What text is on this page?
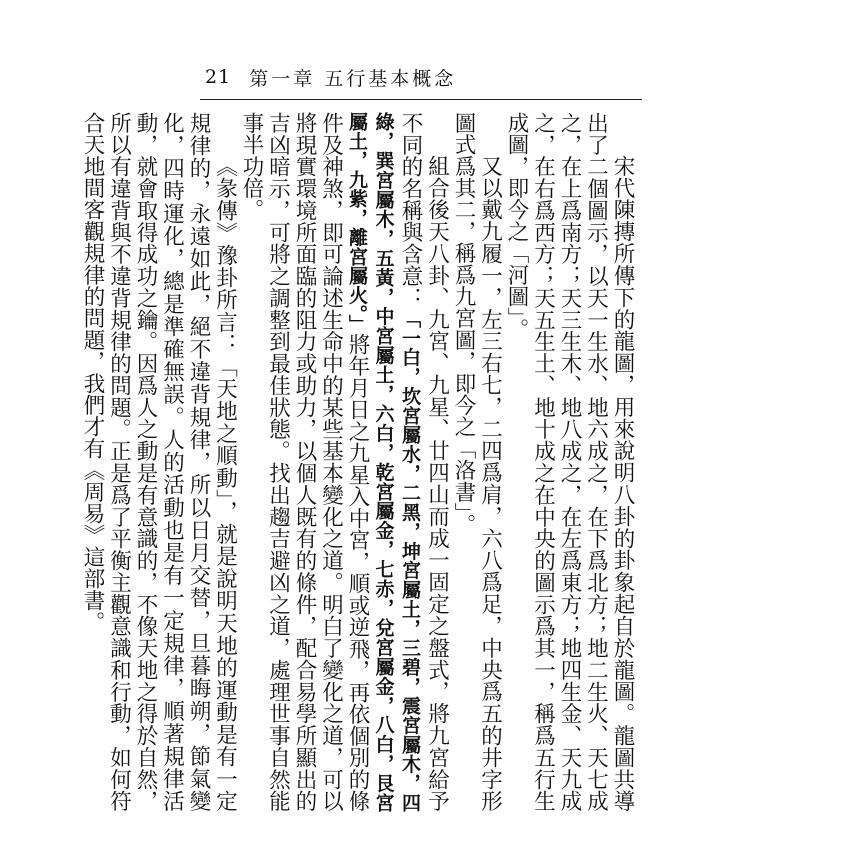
21 第一章 五行基本概念

宋代陳摶所傳下的龍圖，用來說明八卦的卦象起自於龍圖。龍圖共導出了二個圖示，以天一生水、地六成之，在下爲北方；地二生火、天七成之，在上爲南方；天三生木、地八成之，在左爲東方；地四生金、天九成之，在右爲西方；天五生土、地十成之在中央的圖示爲其一，稱爲五行生成圖，即今之「河圖」。

又以戴九履一，左三右七，二四爲肩，六八爲足，中央爲五的井字形圖式爲其二，稱爲九宮圖，即今之「洛書」。

組合後天八卦、九宮、九星、廿四山而成一固定之盤式，將九宮給予不同的名稱與含意：「一白，坎宮屬水，二黑，坤宮屬土，三碧，震宮屬木，四綠，巽宮屬木，五黃，中宮屬土，六白，乾宮屬金，七赤，兌宮屬金，八白，艮宮屬土，九紫，離宮屬火。」將年月日之九星入中宮，順或逆飛，再依個別的條件及神煞，即可論述生命中的某些基本變化之道。明白了變化之道，可以將現實環境所面臨的阻力或助力，以個人既有的條件，配合易學所顯出的吉凶暗示，可將之調整到最佳狀態。找出趨吉避凶之道，處理世事自然能事半功倍。

《彖傳》豫卦所言：「天地之順動」，就是說明天地的運動是有一定規律的，永遠如此，絕不違背規律，所以日月交替，旦暮晦朔，節氣變化，四時運化，總是準確無誤。人的活動也是有一定規律，順著規律活動，就會取得成功之鑰。因爲人之動是有意識的，不像天地之得於自然，所以有違背與不違背規律的問題。正是爲了平衡主觀意識和行動，如何符合天地間客觀規律的問題，我們才有《周易》這部書。
